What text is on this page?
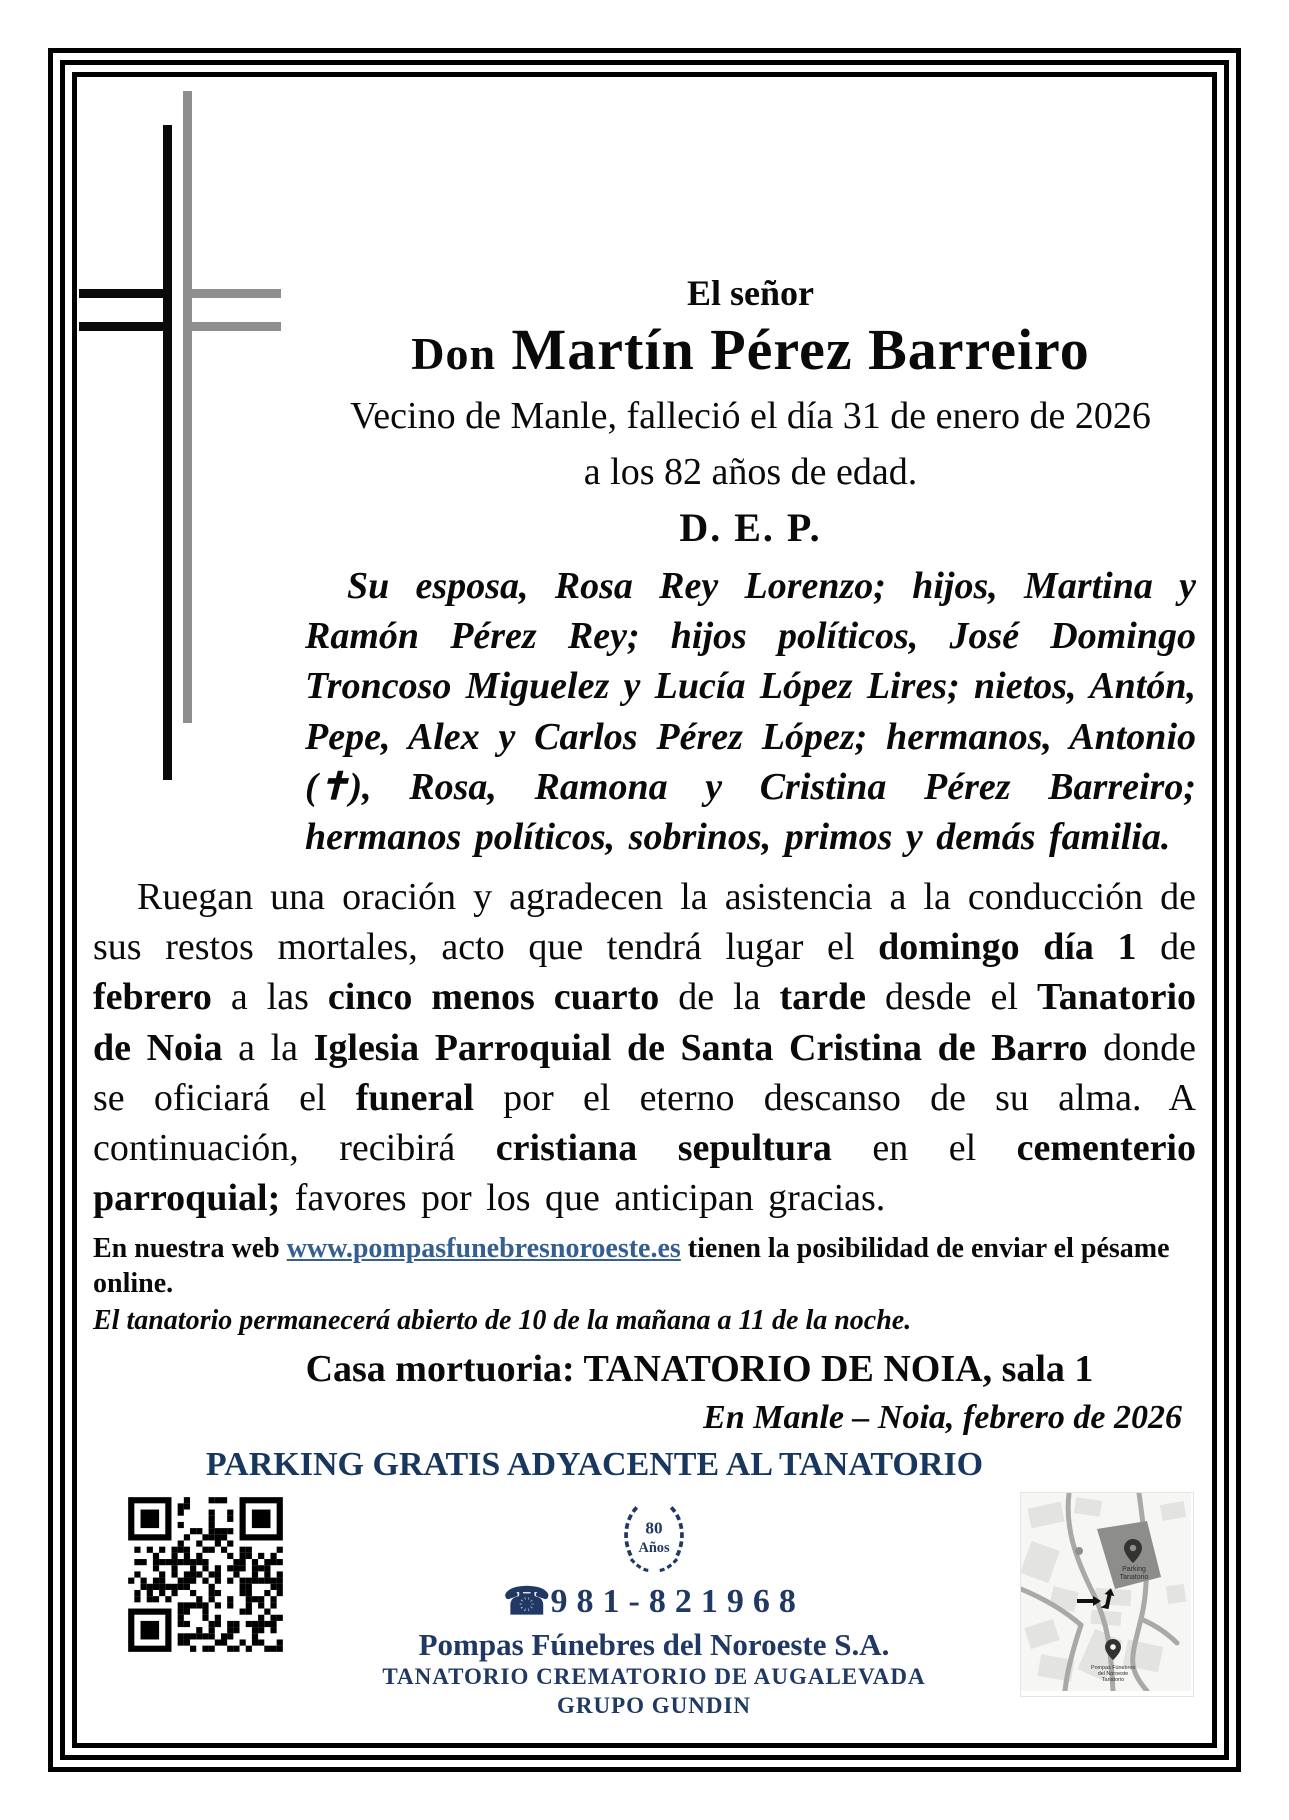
El señor
Don Martín Pérez Barreiro
Vecino de Manle, falleció el día 31 de enero de 2026
a los 82 años de edad.
D. E. P.

Su esposa, Rosa Rey Lorenzo; hijos, Martina y Ramón Pérez Rey; hijos políticos, José Domingo Troncoso Miguelez y Lucía López Lires; nietos, Antón, Pepe, Alex y Carlos Pérez López; hermanos, Antonio (✝), Rosa, Ramona y Cristina Pérez Barreiro; hermanos políticos, sobrinos, primos y demás familia.

Ruegan una oración y agradecen la asistencia a la conducción de sus restos mortales, acto que tendrá lugar el domingo día 1 de febrero a las cinco menos cuarto de la tarde desde el Tanatorio de Noia a la Iglesia Parroquial de Santa Cristina de Barro donde se oficiará el funeral por el eterno descanso de su alma. A continuación, recibirá cristiana sepultura en el cementerio parroquial; favores por los que anticipan gracias.

En nuestra web www.pompasfunebresnoroeste.es tienen la posibilidad de enviar el pésame online.

El tanatorio permanecerá abierto de 10 de la mañana a 11 de la noche.

Casa mortuoria: TANATORIO DE NOIA, sala 1
En Manle – Noia, febrero de 2026
PARKING GRATIS ADYACENTE AL TANATORIO
80
Años
☎981-821968
Pompas Fúnebres del Noroeste S.A.
TANATORIO CREMATORIO DE AUGALEVADA
GRUPO GUNDIN
Parking
Tanatorio
Pompas Fúnebres
del Noroeste
Tanatorio
